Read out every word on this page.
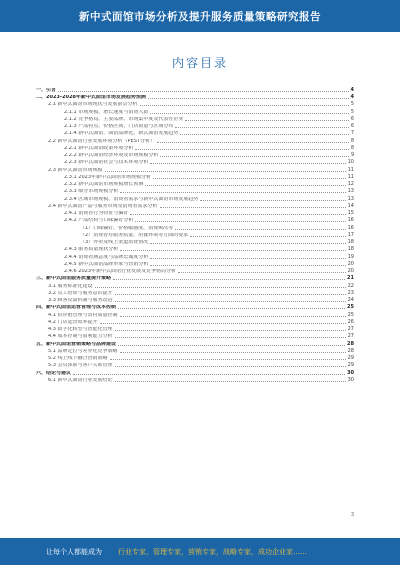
新中式面馆市场分析及提升服务质量策略研究报告
内容目录
一、引言	4
二、2023-2028年新中式面馆市场发展趋势预测	4
2.1 新中式面馆市场现状与发展前景分析	5
2.1.1 市场规模、增长速度与消费人群	5
2.1.2 竞争格局、主要品牌、市场集中度及代表性企业	6
2.1.3 产品特点、价格区间、门店数量与区域分布	6
2.1.4 新中式面馆、面馆品牌化、新式面馆发展趋势	7
2.2 新中式面馆行业发展环境分析（PEST分析）	8
2.2.1 新中式面馆政策环境分析	8
2.2.2 新中式面馆经济环境及市场规模分析	9
2.2.3 新中式面馆社会与技术环境分析	10
2.3 新中式面馆市场规模	11
2.3.1 2023年新中式面馆市场规模分析	11
2.3.2 新中式面馆市场规模增长预测	12
2.3.3 细分市场规模分析	13
2.3.4 区域市场规模、消费者需求与新中式面馆市场发展趋势	13
2.4 新中式面馆产品与服务市场及消费者需求分析	14
2.4.1 消费者行为特征与偏好	15
2.4.2 产品结构与口味偏好分析	16
（1）口味偏好、价格敏感度、消费频次等	16
（2）消费者对服务质量、用餐环境等方面的要求	17
（3）外卖及线上渠道消费情况	18
2.4.3 服务质量现状分析	18
2.4.4 消费者满意度与品牌忠诚度分析	19
2.4.5 新中式面馆品牌形象与营销分析	20
2.4.6 2023年新中式面馆行业发展及竞争格局分析	20
三、新中式面馆服务质量提升策略	21
3.1 服务标准化建设	22
3.2 员工培训与服务意识提升	23
3.3 顾客反馈机制与服务改进	24
四、新中式面馆运营管理与成本控制	25
4.1 供应链管理与食材质量控制	25
4.2 门店运营效率提升	26
4.3 数字化转型与智能化管理	27
4.4 成本控制与盈利能力分析	27
五、新中式面馆营销策略与品牌建设	28
5.1 品牌定位与差异化竞争策略	28
5.2 线上线下融合营销策略	29
5.3 会员体系与客户关系管理	29
六、结论与建议	30
6.1 新中式面馆行业发展结论	30
3
让每个人都能成为 行业专家，管理专家，营销专家，战略专家，成功企业家……
